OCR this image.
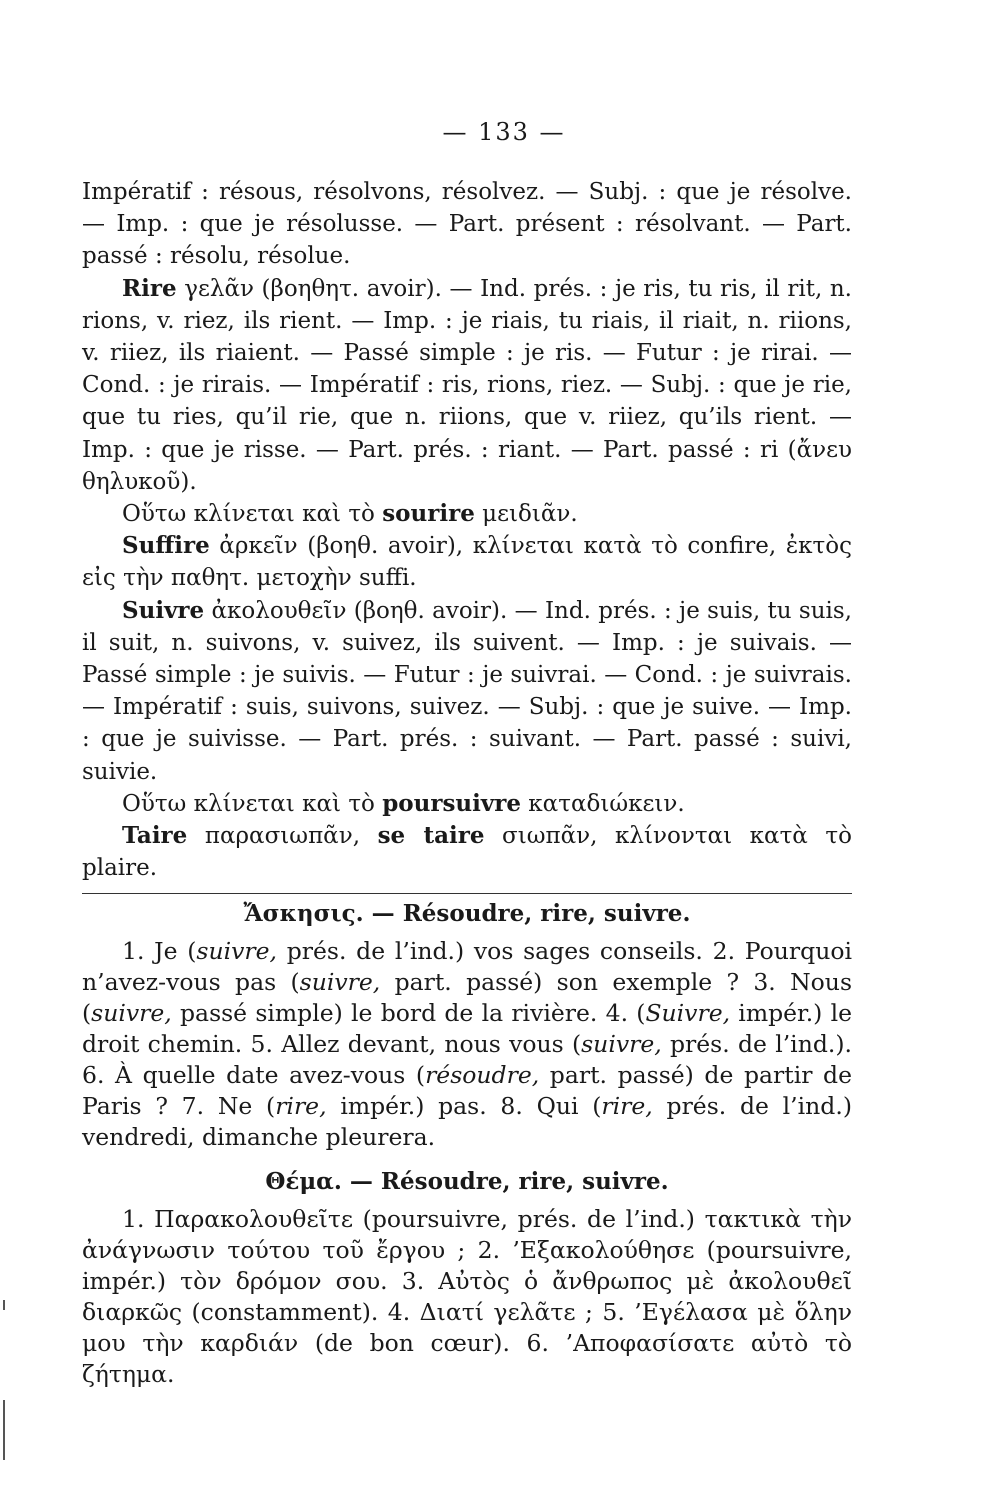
— 133 —

Impératif : résous, résolvons, résolvez. — Subj. : que je résolve. — Imp. : que je résolusse. — Part. présent : résolvant. — Part. passé : résolu, résolue.

Rire γελᾶν (βοηθητ. avoir). — Ind. prés. : je ris, tu ris, il rit, n. rions, v. riez, ils rient. — Imp. : je riais, tu riais, il riait, n. riions, v. riiez, ils riaient. — Passé simple : je ris. — Futur : je rirai. — Cond. : je rirais. — Impératif : ris, rions, riez. — Subj. : que je rie, que tu ries, qu’il rie, que n. riions, que v. riiez, qu’ils rient. — Imp. : que je risse. — Part. prés. : riant. — Part. passé : ri (ἄνευ θηλυκοῦ).

Οὕτω κλίνεται καὶ τὸ sourire μειδιᾶν.

Suffire ἀρκεῖν (βοηθ. avoir), κλίνεται κατὰ τὸ confire, ἐκτὸς εἰς τὴν παθητ. μετοχὴν suffi.

Suivre ἀκολουθεῖν (βοηθ. avoir). — Ind. prés. : je suis, tu suis, il suit, n. suivons, v. suivez, ils suivent. — Imp. : je suivais. — Passé simple : je suivis. — Futur : je suivrai. — Cond. : je suivrais. — Impératif : suis, suivons, suivez. — Subj. : que je suive. — Imp. : que je suivisse. — Part. prés. : suivant. — Part. passé : suivi, suivie.

Οὕτω κλίνεται καὶ τὸ poursuivre καταδιώκειν.

Taire παρασιωπᾶν, se taire σιωπᾶν, κλίνονται κατὰ τὸ plaire.

Ἄσκησις. — Résoudre, rire, suivre.

1. Je (suivre, prés. de l’ind.) vos sages conseils. 2. Pourquoi n’avez-vous pas (suivre, part. passé) son exemple ? 3. Nous (suivre, passé simple) le bord de la rivière. 4. (Suivre, impér.) le droit chemin. 5. Allez devant, nous vous (suivre, prés. de l’ind.). 6. À quelle date avez-vous (résoudre, part. passé) de partir de Paris ? 7. Ne (rire, impér.) pas. 8. Qui (rire, prés. de l’ind.) vendredi, dimanche pleurera.

Θέμα. — Résoudre, rire, suivre.

1. Παρακολουθεῖτε (poursuivre, prés. de l’ind.) τακτικὰ τὴν ἀνάγνωσιν τούτου τοῦ ἔργου ; 2. ’Εξακολούθησε (poursuivre, impér.) τὸν δρόμον σου. 3. Αὐτὸς ὁ ἄνθρωπος μὲ ἀκολουθεῖ διαρκῶς (constamment). 4. Διατί γελᾶτε ; 5. ’Εγέλασα μὲ ὅλην μου τὴν καρδιάν (de bon cœur). 6. ’Αποφασίσατε αὐτὸ τὸ ζήτημα.
